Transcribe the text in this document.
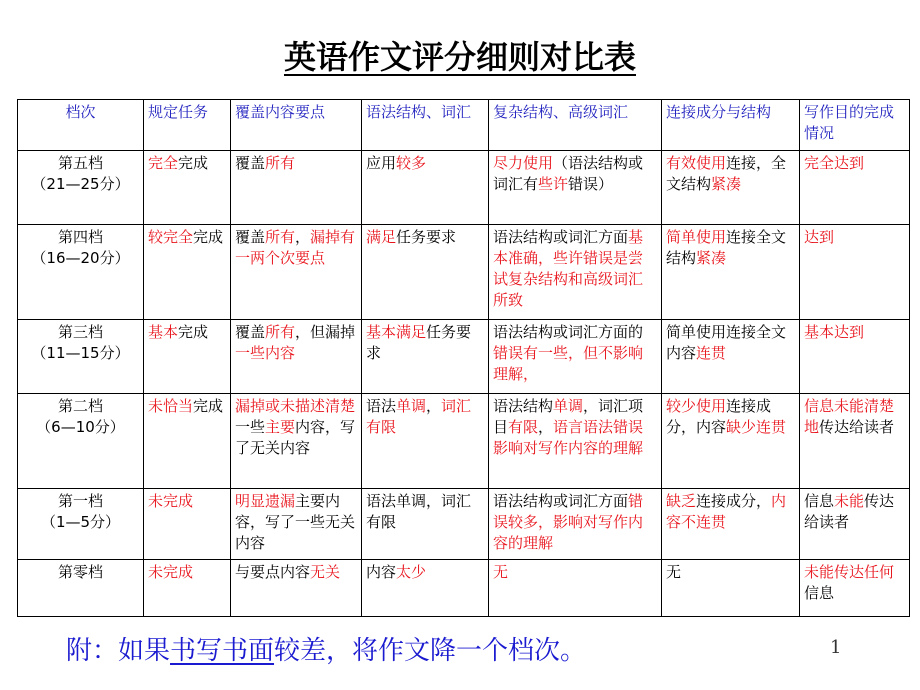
英语作文评分细则对比表
档次	规定任务	覆盖内容要点	语法结构、词汇	复杂结构、高级词汇	连接成分与结构	写作目的完成情况

第五档
（21—25分）	完全完成	覆盖所有	应用较多	尽力使用（语法结构或词汇有些许错误）	有效使用连接，全文结构紧凑	完全达到

第四档
（16—20分）	较完全完成	覆盖所有，漏掉有一两个次要点	满足任务要求	语法结构或词汇方面基本准确，些许错误是尝试复杂结构和高级词汇所致	简单使用连接全文结构紧凑	达到

第三档
（11—15分）	基本完成	覆盖所有，但漏掉一些内容	基本满足任务要求	语法结构或词汇方面的错误有一些，但不影响理解，	简单使用连接全文内容连贯	基本达到

第二档
（6—10分）	未恰当完成	漏掉或未描述清楚一些主要内容，写了无关内容	语法单调，词汇有限	语法结构单调，词汇项目有限，语言语法错误影响对写作内容的理解	较少使用连接成分，内容缺少连贯	信息未能清楚地传达给读者

第一档
（1—5分）	未完成	明显遗漏主要内容，写了一些无关内容	语法单调，词汇有限	语法结构或词汇方面错误较多，影响对写作内容的理解	缺乏连接成分，内容不连贯	信息未能传达给读者

第零档	未完成	与要点内容无关	内容太少	无	无	未能传达任何信息
附：如果书写书面较差，将作文降一个档次。	1
